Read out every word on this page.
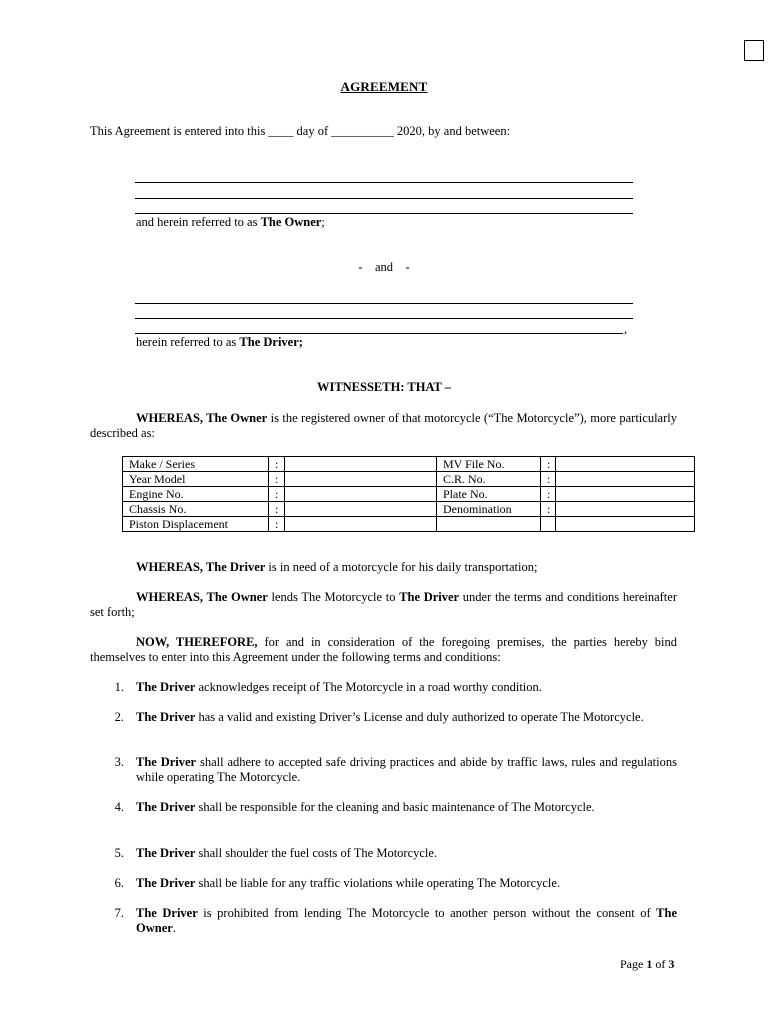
AGREEMENT
This Agreement is entered into this ____ day of __________ 2020, by and between:
and herein referred to as The Owner;
-    and    -
,
herein referred to as The Driver;
WITNESSETH: THAT –
WHEREAS, The Owner is the registered owner of that motorcycle (“The Motorcycle”), more particularly described as:
Make / Series	:		MV File No.	:	
Year Model	:		C.R. No.	:	
Engine No.	:		Plate No.	:	
Chassis No.	:		Denomination	:	
Piston Displacement	:				
WHEREAS, The Driver is in need of a motorcycle for his daily transportation;
WHEREAS, The Owner lends The Motorcycle to The Driver under the terms and conditions hereinafter set forth;
NOW, THEREFORE, for and in consideration of the foregoing premises, the parties hereby bind themselves to enter into this Agreement under the following terms and conditions:
1. The Driver acknowledges receipt of The Motorcycle in a road worthy condition.
2. The Driver has a valid and existing Driver’s License and duly authorized to operate The Motorcycle.
3. The Driver shall adhere to accepted safe driving practices and abide by traffic laws, rules and regulations while operating The Motorcycle.
4. The Driver shall be responsible for the cleaning and basic maintenance of The Motorcycle.
5. The Driver shall shoulder the fuel costs of The Motorcycle.
6. The Driver shall be liable for any traffic violations while operating The Motorcycle.
7. The Driver is prohibited from lending The Motorcycle to another person without the consent of The Owner.
Page 1 of 3
